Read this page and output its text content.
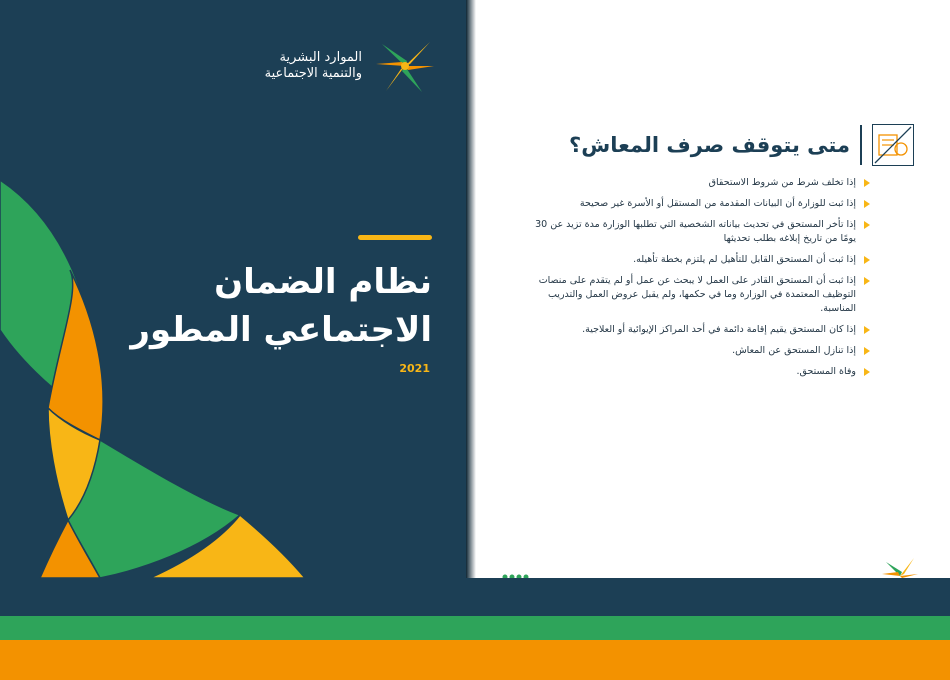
الموارد البشرية
والتنمية الاجتماعية
نظام الضمان
الاجتماعي المطور
2021
متى يتوقف صرف المعاش؟
إذا تخلف شرط من شروط الاستحقاق
إذا ثبت للوزارة أن البيانات المقدمة من المستقل أو الأسرة غير صحيحة
إذا تأخر المستحق في تحديث بياناته الشخصية التي تطلبها الوزارة مدة تزيد عن 30 يومًا من تاريخ إبلاغه بطلب تحديثها
إذا ثبت أن المستحق القابل للتأهيل لم يلتزم بخطة تأهيله.
إذا ثبت أن المستحق القادر على العمل لا يبحث عن عمل أو لم يتقدم على منصات التوظيف المعتمدة في الوزارة وما في حكمها، ولم يقبل عروض العمل والتدريب المناسبة.
إذا كان المستحق يقيم إقامة دائمة في أحد المراكز الإيوائية أو العلاجية.
إذا تنازل المستحق عن المعاش.
وفاة المستحق.
